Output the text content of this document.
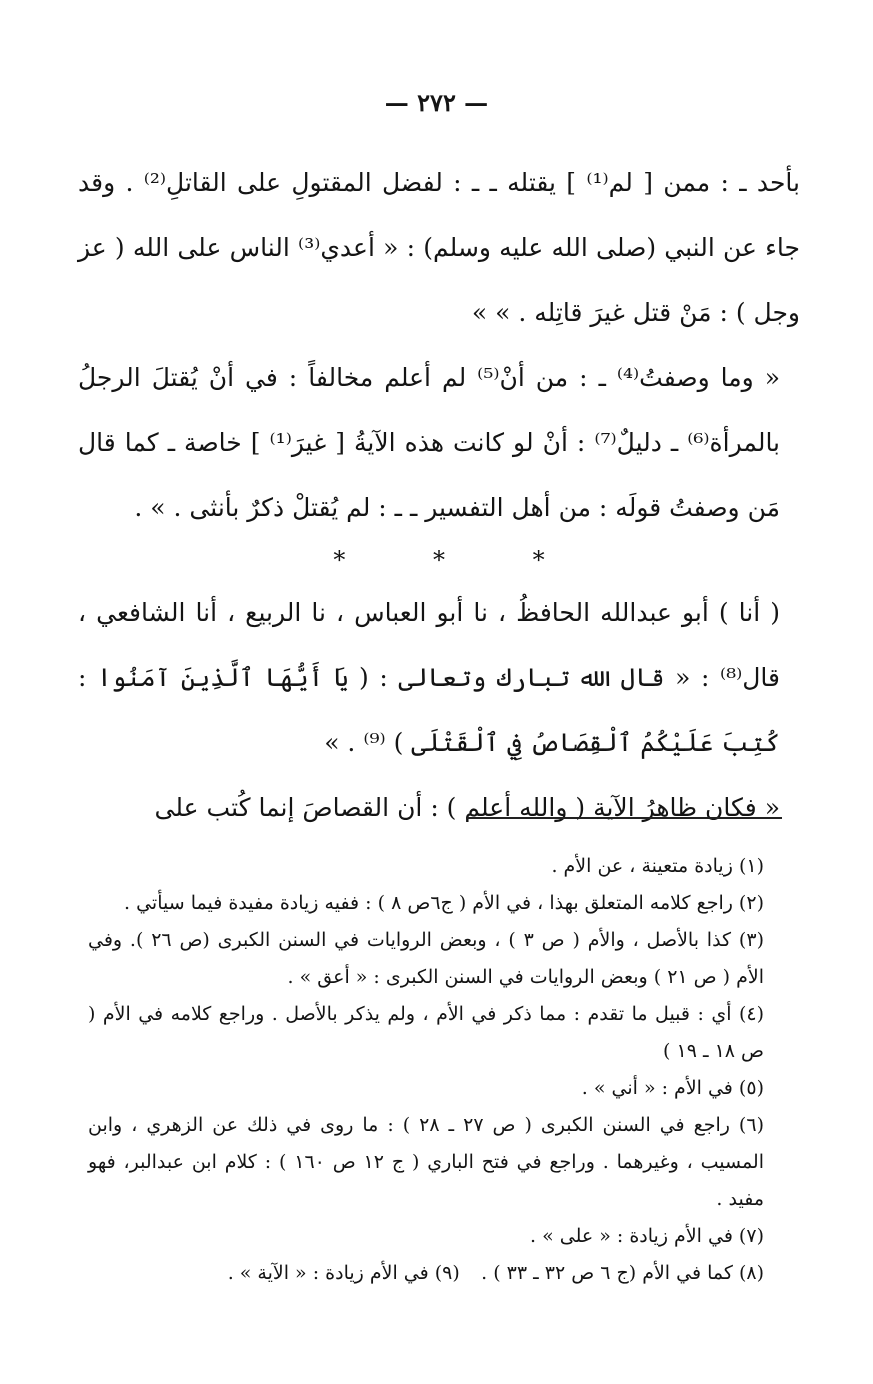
— ٢٧٢ —

بأحد ـ : ممن [ لم⁽¹⁾ ] يقتله ـ ـ : لفضل المقتولِ على القاتلِ⁽²⁾ . وقد جاء عن النبي (صلى الله عليه وسلم) : « أعدي⁽³⁾ الناس على الله ( عز وجل ) : مَنْ قتل غيرَ قاتِله . » »

« وما وصفتُ⁽⁴⁾ ـ : من أنْ⁽⁵⁾ لم أعلم مخالفاً : في أنْ يُقتلَ الرجلُ بالمرأة⁽⁶⁾ ـ دليلٌ⁽⁷⁾ : أنْ لو كانت هذه الآيةُ [ غيرَ⁽¹⁾ ] خاصة ـ كما قال مَن وصفتُ قولَه : من أهل التفسير ـ ـ : لم يُقتلْ ذكرٌ بأنثى . » .

* * *

( أنا ) أبو عبدالله الحافظُ ، نا أبو العباس ، نا الربيع ، أنا الشافعي ، قال⁽⁸⁾ : « قال الله تبارك وتعالى : ( يَا أَيُّهَا ٱلَّذِينَ آمَنُوا : كُتِبَ عَلَيْكُمُ ٱلْقِصَاصُ فِي ٱلْقَتْلَى ) ⁽⁹⁾ . »

« فكان ظاهرُ الآية ( والله أعلم ) : أن القصاصَ إنما كُتب على

(١) زيادة متعينة ، عن الأم .

(٢) راجع كلامه المتعلق بهذا ، في الأم ( ج٦ص ٨ ) : ففيه زيادة مفيدة فيما سيأتي .

(٣) كذا بالأصل ، والأم ( ص ٣ ) ، وبعض الروايات في السنن الكبرى (ص ٢٦ ). وفي الأم ( ص ٢١ ) وبعض الروايات في السنن الكبرى : « أعق » .

(٤) أي : قبيل ما تقدم : مما ذكر في الأم ، ولم يذكر بالأصل . وراجع كلامه في الأم ( ص ١٨ ـ ١٩ )

(٥) في الأم : « أني » .

(٦) راجع في السنن الكبرى ( ص ٢٧ ـ ٢٨ ) : ما روى في ذلك عن الزهري ، وابن المسيب ، وغيرهما . وراجع في فتح الباري ( ج ١٢ ص ١٦٠ ) : كلام ابن عبدالبر، فهو مفيد .

(٧) في الأم زيادة : « على » .

(٨) كما في الأم (ج ٦ ص ٣٢ ـ ٣٣ ) .(٩) في الأم زيادة : « الآية » .
